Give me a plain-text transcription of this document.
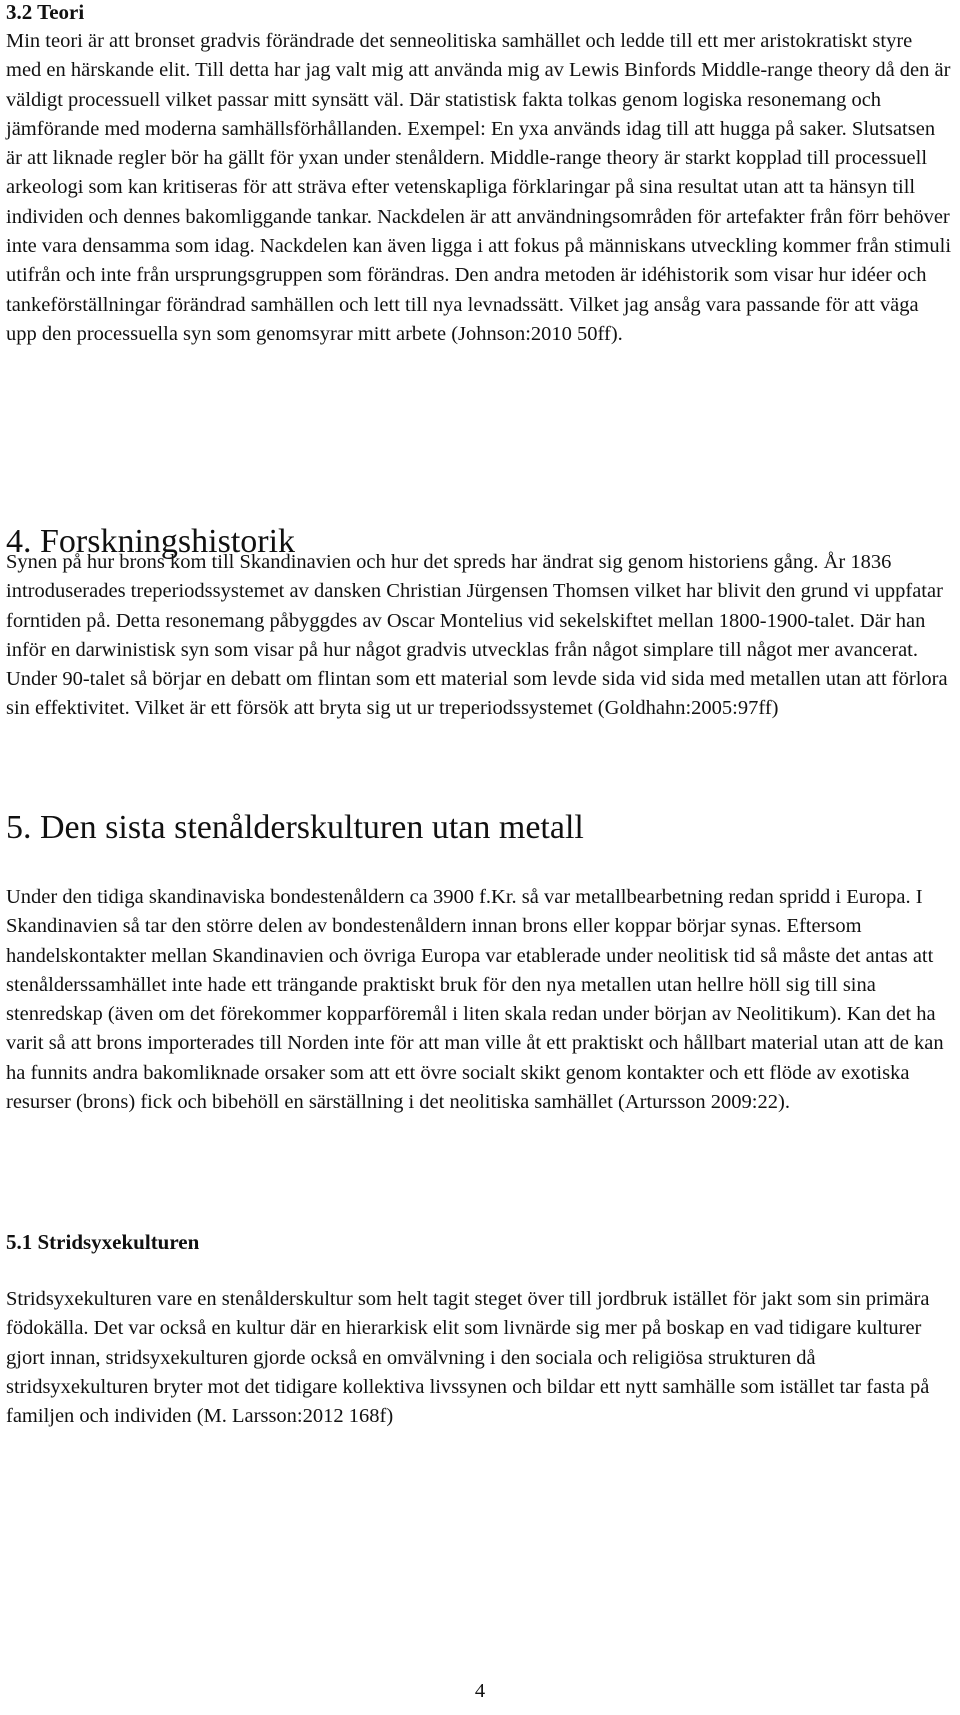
3.2 Teori

Min teori är att bronset gradvis förändrade det senneolitiska samhället och ledde till ett mer aristokratiskt styre med en härskande elit. Till detta har jag valt mig att använda mig av Lewis Binfords Middle-range theory då den är väldigt processuell vilket passar mitt synsätt väl. Där statistisk fakta tolkas genom logiska resonemang och jämförande med moderna samhällsförhållanden. Exempel: En yxa används idag till att hugga på saker. Slutsatsen är att liknade regler bör ha gällt för yxan under stenåldern. Middle-range theory är starkt kopplad till processuell arkeologi som kan kritiseras för att sträva efter vetenskapliga förklaringar på sina resultat utan att ta hänsyn till individen och dennes bakomliggande tankar. Nackdelen är att användningsområden för artefakter från förr behöver inte vara densamma som idag. Nackdelen kan även ligga i att fokus på människans utveckling kommer från stimuli utifrån och inte från ursprungsgruppen som förändras. Den andra metoden är idéhistorik som visar hur idéer och tankeförställningar förändrad samhällen och lett till nya levnadssätt. Vilket jag ansåg vara passande för att väga upp den processuella syn som genomsyrar mitt arbete (Johnson:2010 50ff).

4. Forskningshistorik

Synen på hur brons kom till Skandinavien och hur det spreds har ändrat sig genom historiens gång. År 1836 introduserades treperiodssystemet av dansken Christian Jürgensen Thomsen vilket har blivit den grund vi uppfatar forntiden på. Detta resonemang påbyggdes av Oscar Montelius vid sekelskiftet mellan 1800-1900-talet. Där han inför en darwinistisk syn som visar på hur något gradvis utvecklas från något simplare till något mer avancerat. Under 90-talet så börjar en debatt om flintan som ett material som levde sida vid sida med metallen utan att förlora sin effektivitet. Vilket är ett försök att bryta sig ut ur treperiodssystemet (Goldhahn:2005:97ff)

5. Den sista stenålderskulturen utan metall

Under den tidiga skandinaviska bondestenåldern ca 3900 f.Kr. så var metallbearbetning redan spridd i Europa. I Skandinavien så tar den större delen av bondestenåldern innan brons eller koppar börjar synas. Eftersom handelskontakter mellan Skandinavien och övriga Europa var etablerade under neolitisk tid så måste det antas att stenålderssamhället inte hade ett trängande praktiskt bruk för den nya metallen utan hellre höll sig till sina stenredskap (även om det förekommer kopparföremål i liten skala redan under början av Neolitikum). Kan det ha varit så att brons importerades till Norden inte för att man ville åt ett praktiskt och hållbart material utan att de kan ha funnits andra bakomliknade orsaker som att ett övre socialt skikt genom kontakter och ett flöde av exotiska resurser (brons) fick och bibehöll en särställning i det neolitiska samhället (Artursson 2009:22).

5.1 Stridsyxekulturen

Stridsyxekulturen vare en stenålderskultur som helt tagit steget över till jordbruk istället för jakt som sin primära födokälla. Det var också en kultur där en hierarkisk elit som livnärde sig mer på boskap en vad tidigare kulturer gjort innan, stridsyxekulturen gjorde också en omvälvning i den sociala och religiösa strukturen då stridsyxekulturen bryter mot det tidigare kollektiva livssynen och bildar ett nytt samhälle som istället tar fasta på familjen och individen (M. Larsson:2012 168f)

4
